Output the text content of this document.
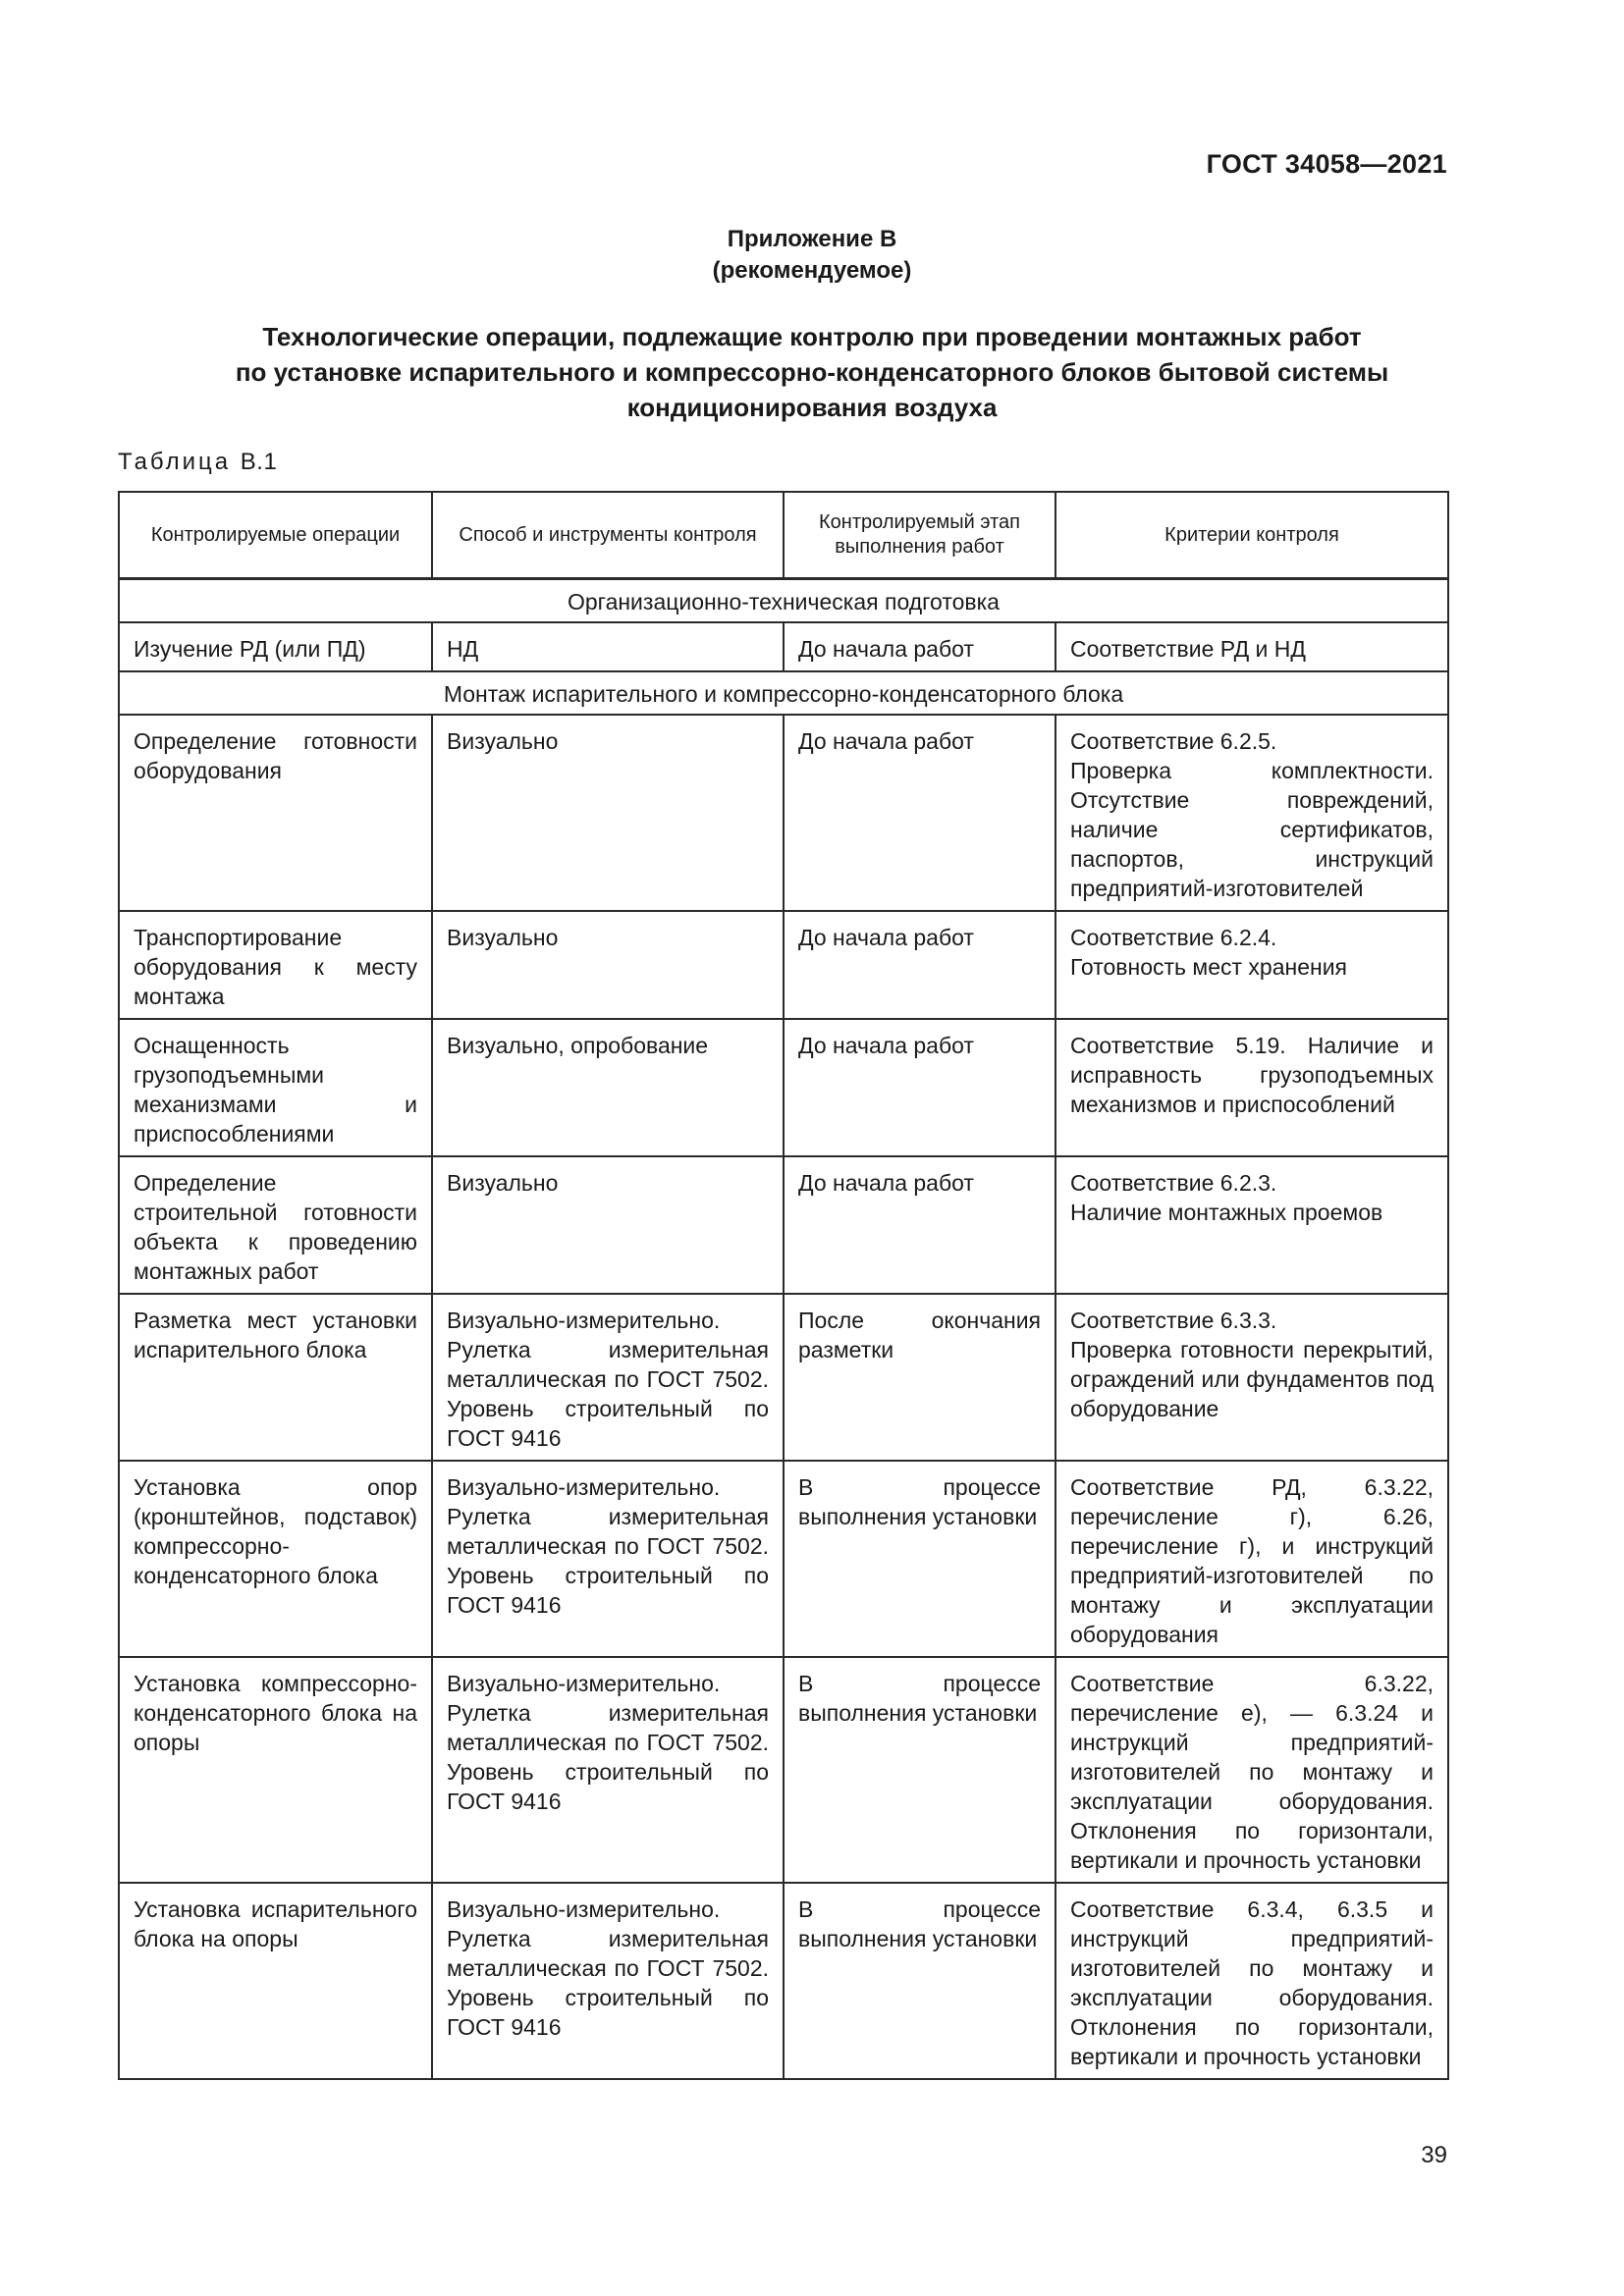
ГОСТ 34058—2021
Приложение В
(рекомендуемое)
Технологические операции, подлежащие контролю при проведении монтажных работ
по установке испарительного и компрессорно-конденсаторного блоков бытовой системы
кондиционирования воздуха
Таблица В.1
Контролируемые операции	Способ и инструменты контроля	Контролируемый этап выполнения работ	Критерии контроля
Организационно-техническая подготовка			
Изучение РД (или ПД)	НД	До начала работ	Соответствие РД и НД

Монтаж испарительного и компрессорно-конденсаторного блока			
Определение готовности оборудования	Визуально	До начала работ	Соответствие 6.2.5.
Проверка комплектности. Отсутствие повреждений, наличие сертификатов, паспортов, инструкций предприятий-изготовителей

Транспортирование оборудования к месту монтажа	Визуально	До начала работ	Соответствие 6.2.4.
Готовность мест хранения

Оснащенность грузоподъемными механизмами и приспособлениями	Визуально, опробование	До начала работ	Соответствие 5.19. Наличие и исправность грузоподъемных механизмов и приспособлений

Определение строительной готовности объекта к проведению монтажных работ	Визуально	До начала работ	Соответствие 6.2.3.
Наличие монтажных проемов

Разметка мест установки испарительного блока	Визуально-измерительно. Рулетка измерительная металлическая по ГОСТ 7502. Уровень строительный по ГОСТ 9416	После окончания разметки	Соответствие 6.3.3.
Проверка готовности перекрытий, ограждений или фундаментов под оборудование

Установка опор (кронштейнов, подставок) компрессорно-конденсаторного блока	Визуально-измерительно. Рулетка измерительная металлическая по ГОСТ 7502. Уровень строительный по ГОСТ 9416	В процессе выполнения установки	Соответствие РД, 6.3.22, перечисление г), 6.26, перечисление г), и инструкций предприятий-изготовителей по монтажу и эксплуатации оборудования

Установка компрессорно-конденсаторного блока на опоры	Визуально-измерительно. Рулетка измерительная металлическая по ГОСТ 7502. Уровень строительный по ГОСТ 9416	В процессе выполнения установки	Соответствие 6.3.22, перечисление е), — 6.3.24 и инструкций предприятий-изготовителей по монтажу и эксплуатации оборудования. Отклонения по горизонтали, вертикали и прочность установки

Установка испарительного блока на опоры	Визуально-измерительно. Рулетка измерительная металлическая по ГОСТ 7502. Уровень строительный по ГОСТ 9416	В процессе выполнения установки	Соответствие 6.3.4, 6.3.5 и инструкций предприятий-изготовителей по монтажу и эксплуатации оборудования. Отклонения по горизонтали, вертикали и прочность установки
39
